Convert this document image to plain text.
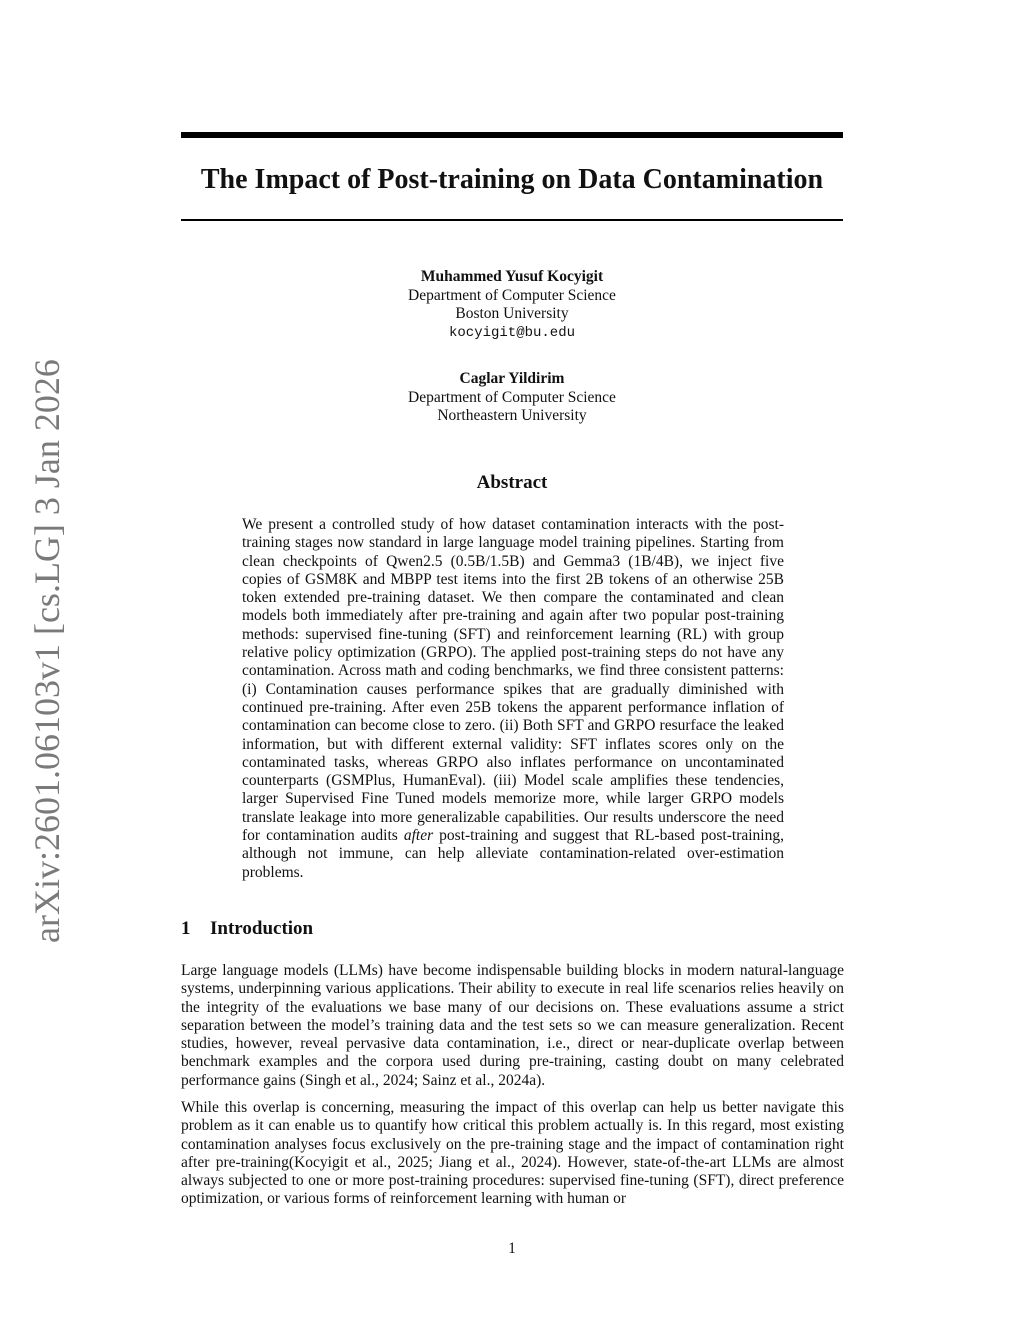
The Impact of Post-training on Data Contamination
Muhammed Yusuf Kocyigit
Department of Computer Science
Boston University
kocyigit@bu.edu
Caglar Yildirim
Department of Computer Science
Northeastern University
arXiv:2601.06103v1 [cs.LG] 3 Jan 2026	Abstract
We present a controlled study of how dataset contamination interacts with the post-training stages now standard in large language model training pipelines. Starting from clean checkpoints of Qwen2.5 (0.5B/1.5B) and Gemma3 (1B/4B), we inject five copies of GSM8K and MBPP test items into the first 2B tokens of an otherwise 25B token extended pre-training dataset. We then compare the contaminated and clean models both immediately after pre-training and again after two popular post-training methods: supervised fine-tuning (SFT) and reinforcement learning (RL) with group relative policy optimization (GRPO). The applied post-training steps do not have any contamination. Across math and coding benchmarks, we find three consistent patterns: (i) Contamination causes performance spikes that are gradually diminished with continued pre-training. After even 25B tokens the apparent performance inflation of contamination can become close to zero. (ii) Both SFT and GRPO resurface the leaked information, but with different external validity: SFT inflates scores only on the contaminated tasks, whereas GRPO also inflates performance on uncontaminated counterparts (GSMPlus, HumanEval). (iii) Model scale amplifies these tendencies, larger Supervised Fine Tuned models memorize more, while larger GRPO models translate leakage into more generalizable capabilities. Our results underscore the need for contamination audits after post-training and suggest that RL-based post-training, although not immune, can help alleviate contamination-related over-estimation problems.
1 Introduction

Large language models (LLMs) have become indispensable building blocks in modern natural-language systems, underpinning various applications. Their ability to execute in real life scenarios relies heavily on the integrity of the evaluations we base many of our decisions on. These evaluations assume a strict separation between the model’s training data and the test sets so we can measure generalization. Recent studies, however, reveal pervasive data contamination, i.e., direct or near-duplicate overlap between benchmark examples and the corpora used during pre-training, casting doubt on many celebrated performance gains (Singh et al., 2024; Sainz et al., 2024a).

While this overlap is concerning, measuring the impact of this overlap can help us better navigate this problem as it can enable us to quantify how critical this problem actually is. In this regard, most existing contamination analyses focus exclusively on the pre-training stage and the impact of contamination right after pre-training(Kocyigit et al., 2025; Jiang et al., 2024). However, state-of-the-art LLMs are almost always subjected to one or more post-training procedures: supervised fine-tuning (SFT), direct preference optimization, or various forms of reinforcement learning with human or

1
